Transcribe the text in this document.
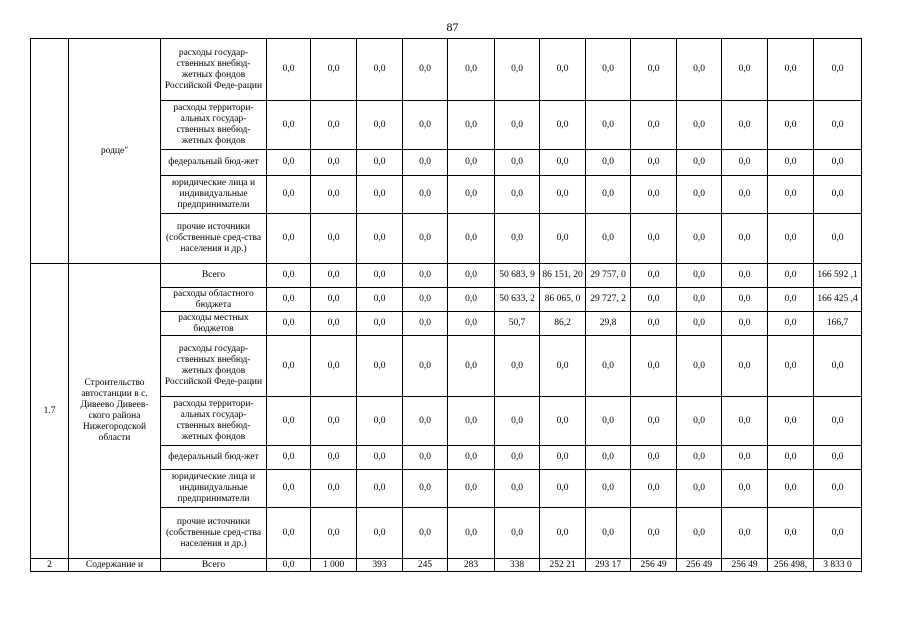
87
	родце"	расходы государ-ственных внебюд-жетных фондов Российской Феде-рации	0,0	0,0	0,0	0,0	0,0	0,0	0,0	0,0	0,0	0,0	0,0	0,0	0,0
		расходы территори-альных государ-ственных внебюд-жетных фондов	0,0	0,0	0,0	0,0	0,0	0,0	0,0	0,0	0,0	0,0	0,0	0,0	0,0
		федеральный бюд-жет	0,0	0,0	0,0	0,0	0,0	0,0	0,0	0,0	0,0	0,0	0,0	0,0	0,0
		юридические лица и индивидуальные предприниматели	0,0	0,0	0,0	0,0	0,0	0,0	0,0	0,0	0,0	0,0	0,0	0,0	0,0
		прочие источники (собственные сред-ства населения и др.)	0,0	0,0	0,0	0,0	0,0	0,0	0,0	0,0	0,0	0,0	0,0	0,0	0,0
1.7	Строительство автостанции в с. Дивеево Дивеев-ского района Нижегородской области	Всего	0,0	0,0	0,0	0,0	0,0	50 683, 9	86 151, 20	29 757, 0	0,0	0,0	0,0	0,0	166 592 ,1
		расходы областного бюджета	0,0	0,0	0,0	0,0	0,0	50 633, 2	86 065, 0	29 727, 2	0,0	0,0	0,0	0,0	166 425 ,4
		расходы местных бюджетов	0,0	0,0	0,0	0,0	0,0	50,7	86,2	29,8	0,0	0,0	0,0	0,0	166,7
		расходы государ-ственных внебюд-жетных фондов Российской Феде-рации	0,0	0,0	0,0	0,0	0,0	0,0	0,0	0,0	0,0	0,0	0,0	0,0	0,0
		расходы территори-альных государ-ственных внебюд-жетных фондов	0,0	0,0	0,0	0,0	0,0	0,0	0,0	0,0	0,0	0,0	0,0	0,0	0,0
		федеральный бюд-жет	0,0	0,0	0,0	0,0	0,0	0,0	0,0	0,0	0,0	0,0	0,0	0,0	0,0
		юридические лица и индивидуальные предприниматели	0,0	0,0	0,0	0,0	0,0	0,0	0,0	0,0	0,0	0,0	0,0	0,0	0,0
		прочие источники (собственные сред-ства населения и др.)	0,0	0,0	0,0	0,0	0,0	0,0	0,0	0,0	0,0	0,0	0,0	0,0	0,0
2	Содержание и	Всего	0,0	1 000	393	245	283	338	252 21	293 17	256 49	256 49	256 49	256 498,	3 833 0
